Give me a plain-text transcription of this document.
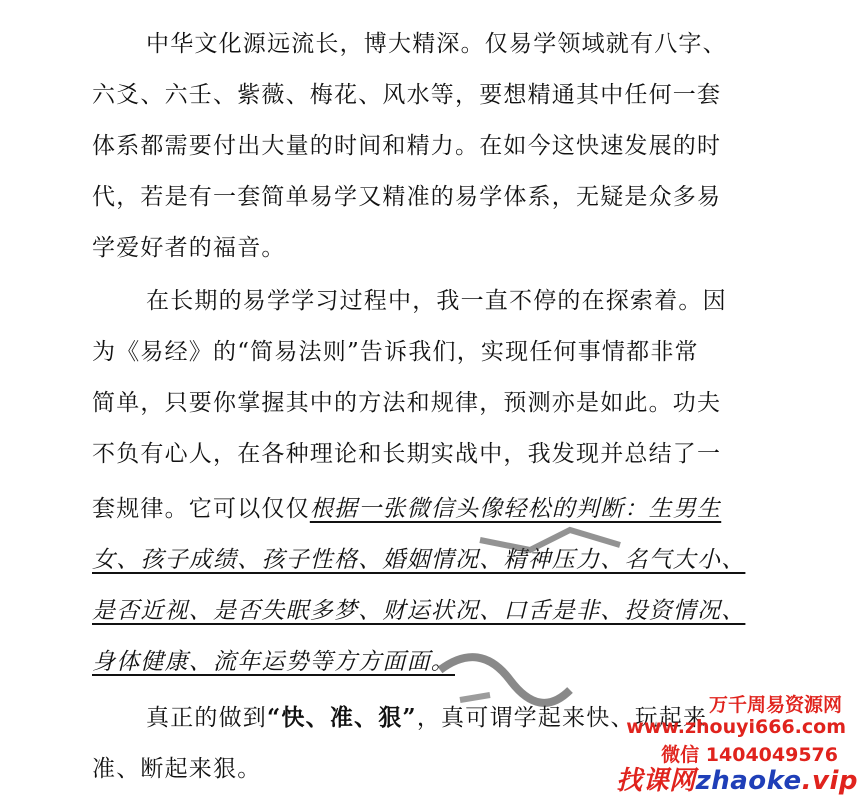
中华文化源远流长，博大精深。仅易学领域就有八字、
六爻、六壬、紫薇、梅花、风水等，要想精通其中任何一套
体系都需要付出大量的时间和精力。在如今这快速发展的时
代，若是有一套简单易学又精准的易学体系，无疑是众多易
学爱好者的福音。
在长期的易学学习过程中，我一直不停的在探索着。因
为《易经》的“简易法则”告诉我们，实现任何事情都非常
简单，只要你掌握其中的方法和规律，预测亦是如此。功夫
不负有心人，在各种理论和长期实战中，我发现并总结了一
套规律。它可以仅仅根据一张微信头像轻松的判断：生男生
女、孩子成绩、孩子性格、婚姻情况、精神压力、名气大小、
是否近视、是否失眠多梦、财运状况、口舌是非、投资情况、
身体健康、流年运势等方方面面。
真正的做到“快、准、狠”，真可谓学起来快、玩起来
准、断起来狠。
万千周易资源网
www.zhouyi666.com
微信 1404049576
找课网zhaoke.vip
